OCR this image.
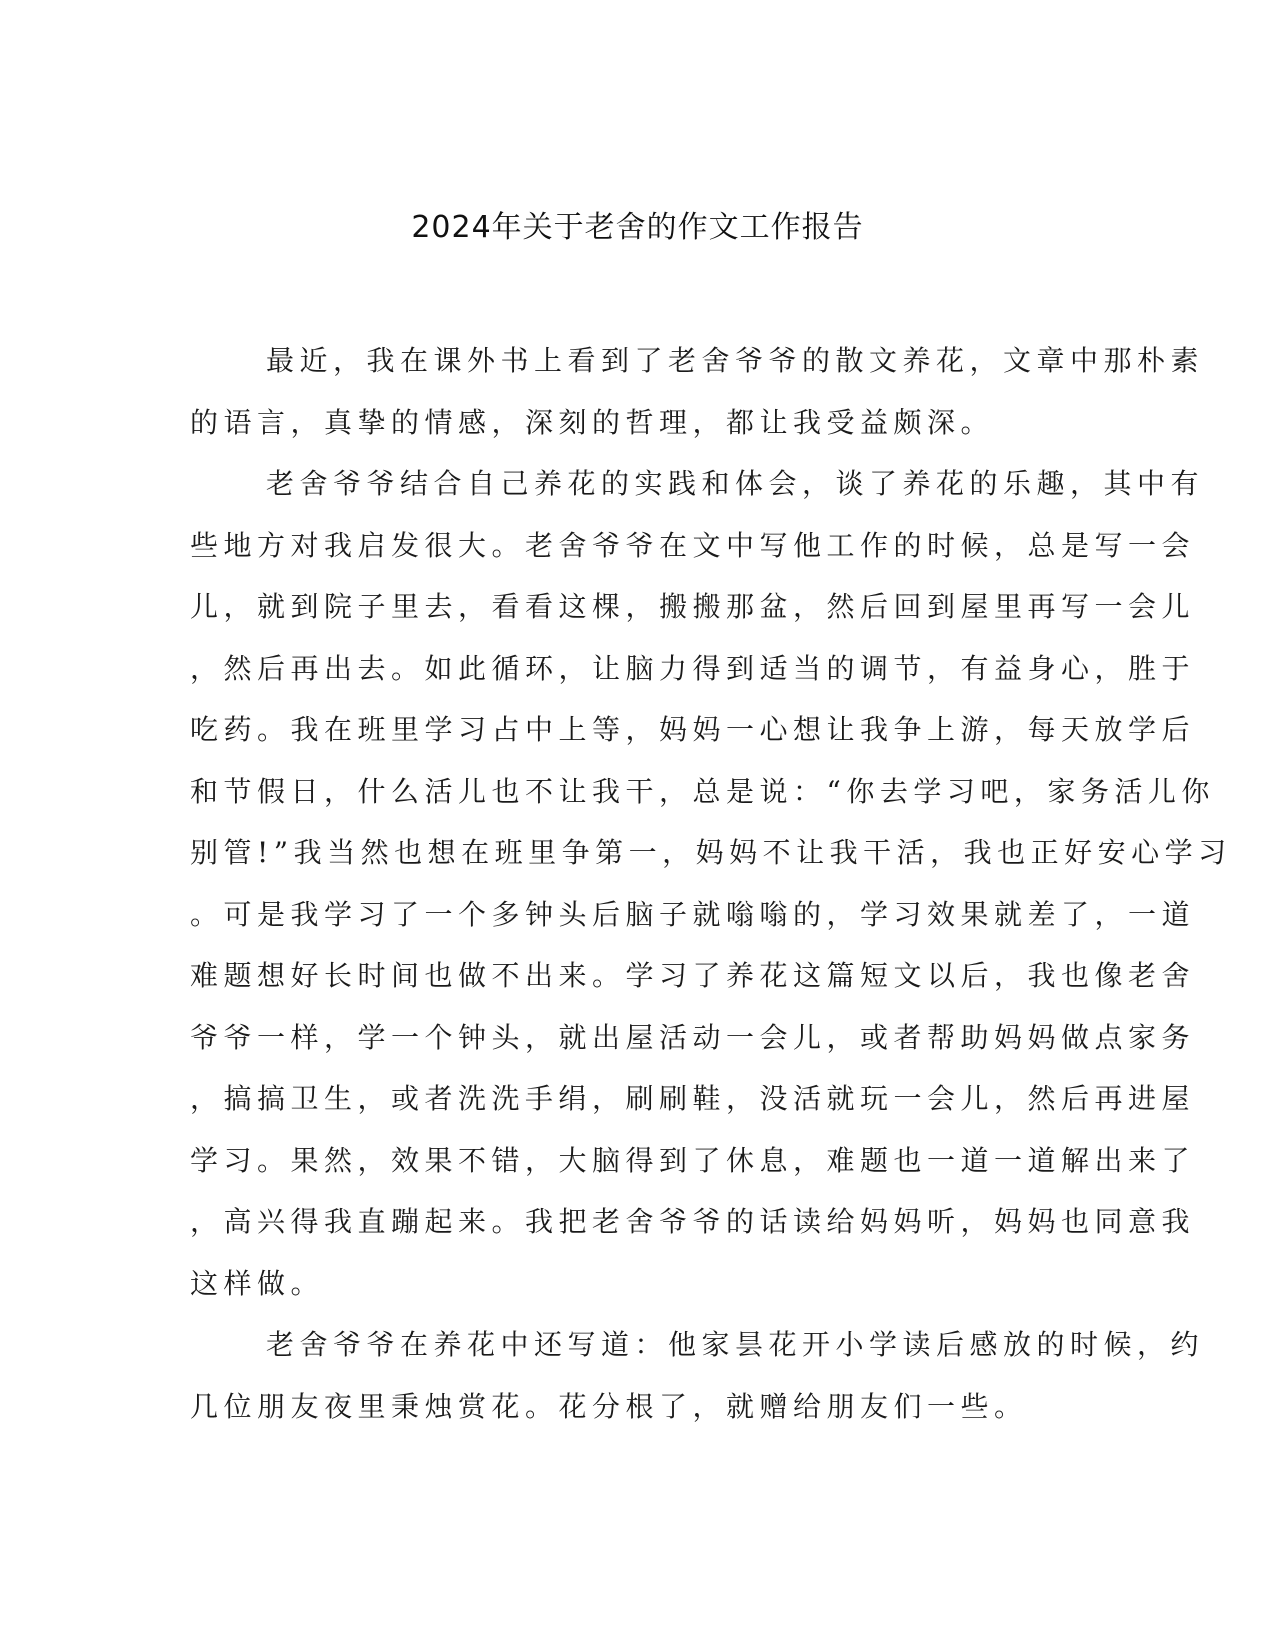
2024年关于老舍的作文工作报告
最近，我在课外书上看到了老舍爷爷的散文养花，文章中那朴素
的语言，真挚的情感，深刻的哲理，都让我受益颇深。
老舍爷爷结合自己养花的实践和体会，谈了养花的乐趣，其中有
些地方对我启发很大。老舍爷爷在文中写他工作的时候，总是写一会
儿，就到院子里去，看看这棵，搬搬那盆，然后回到屋里再写一会儿
，然后再出去。如此循环，让脑力得到适当的调节，有益身心，胜于
吃药。我在班里学习占中上等，妈妈一心想让我争上游，每天放学后
和节假日，什么活儿也不让我干，总是说：“你去学习吧，家务活儿你
别管!”我当然也想在班里争第一，妈妈不让我干活，我也正好安心学习
。可是我学习了一个多钟头后脑子就嗡嗡的，学习效果就差了，一道
难题想好长时间也做不出来。学习了养花这篇短文以后，我也像老舍
爷爷一样，学一个钟头，就出屋活动一会儿，或者帮助妈妈做点家务
，搞搞卫生，或者洗洗手绢，刷刷鞋，没活就玩一会儿，然后再进屋
学习。果然，效果不错，大脑得到了休息，难题也一道一道解出来了
，高兴得我直蹦起来。我把老舍爷爷的话读给妈妈听，妈妈也同意我
这样做。
老舍爷爷在养花中还写道：他家昙花开小学读后感放的时候，约
几位朋友夜里秉烛赏花。花分根了，就赠给朋友们一些。
